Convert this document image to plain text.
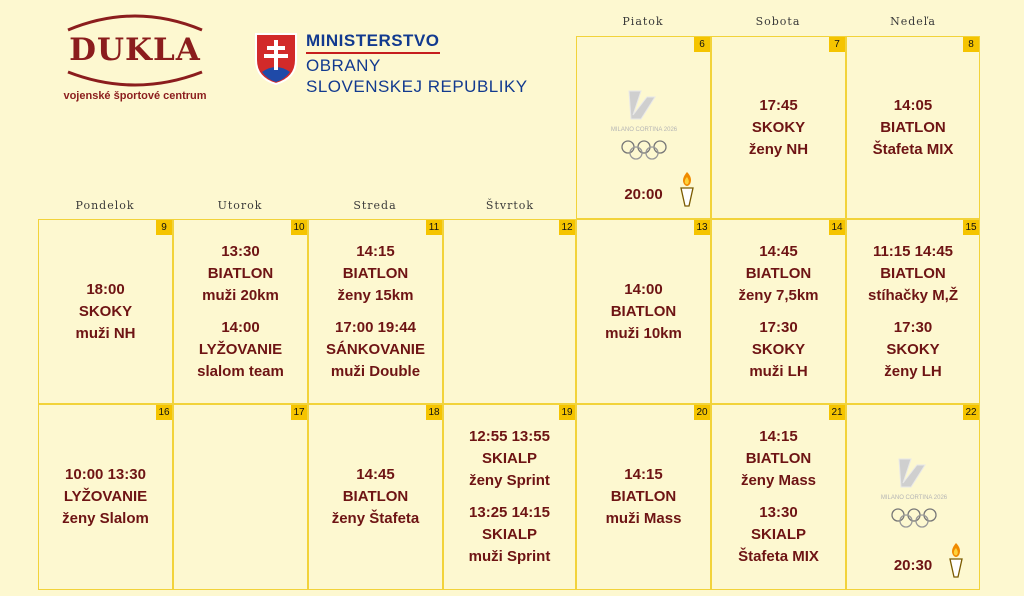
DUKLA
vojenské športové centrum
MINISTERSTVO
OBRANY
SLOVENSKEJ REPUBLIKY
Piatok	Sobota	Nedeľa
Pondelok	Utorok	Streda	Štvrtok
6
MILANO CORTINA 2026
20:00
7
17:45
SKOKY
ženy NH
8
14:05
BIATLON
Štafeta MIX
9
18:00
SKOKY
muži NH
10
13:30
BIATLON
muži 20km
14:00
LYŽOVANIE
slalom team
11
14:15
BIATLON
ženy 15km
17:00 19:44
SÁNKOVANIE
muži Double
12	13
14:00
BIATLON
muži 10km
14
14:45
BIATLON
ženy 7,5km
17:30
SKOKY
muži LH
15
11:15 14:45
BIATLON
stíhačky M,Ž
17:30
SKOKY
ženy LH
16
10:00 13:30
LYŽOVANIE
ženy Slalom
17	18
14:45
BIATLON
ženy Štafeta
19
12:55 13:55
SKIALP
ženy Sprint
13:25 14:15
SKIALP
muži Sprint
20
14:15
BIATLON
muži Mass
21
14:15
BIATLON
ženy Mass
13:30
SKIALP
Štafeta MIX
22
MILANO CORTINA 2026
20:30
